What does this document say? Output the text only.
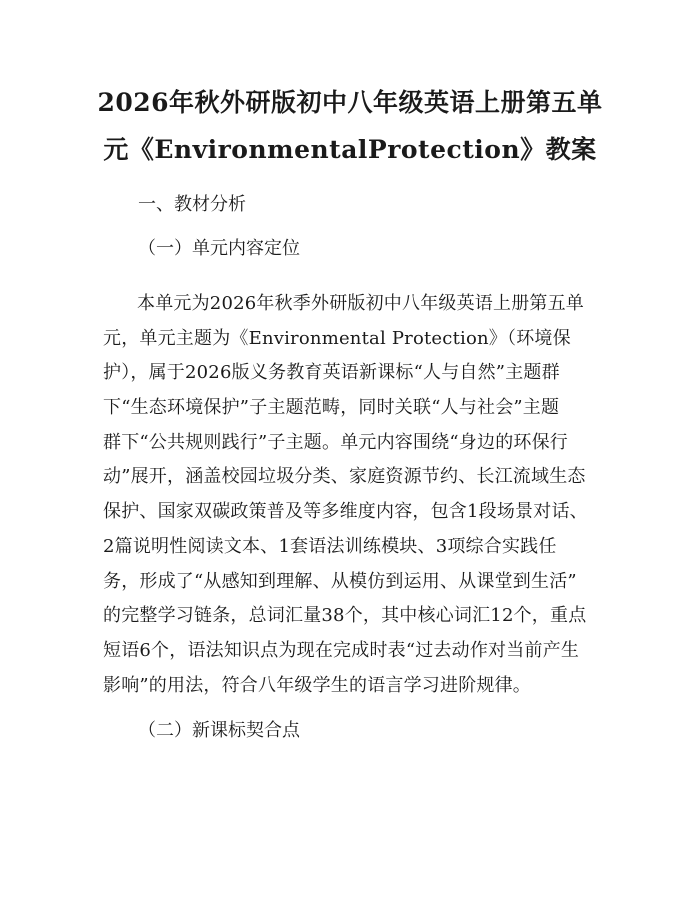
2026年秋外研版初中八年级英语上册第五单
元《EnvironmentalProtection》教案
一、教材分析
（一）单元内容定位
本单元为2026年秋季外研版初中八年级英语上册第五单
元，单元主题为《Environmental Protection》（环境保
护），属于2026版义务教育英语新课标“人与自然”主题群
下“生态环境保护”子主题范畴，同时关联“人与社会”主题
群下“公共规则践行”子主题。单元内容围绕“身边的环保行
动”展开，涵盖校园垃圾分类、家庭资源节约、长江流域生态
保护、国家双碳政策普及等多维度内容，包含1段场景对话、
2篇说明性阅读文本、1套语法训练模块、3项综合实践任
务，形成了“从感知到理解、从模仿到运用、从课堂到生活”
的完整学习链条，总词汇量38个，其中核心词汇12个，重点
短语6个，语法知识点为现在完成时表“过去动作对当前产生
影响”的用法，符合八年级学生的语言学习进阶规律。
（二）新课标契合点
